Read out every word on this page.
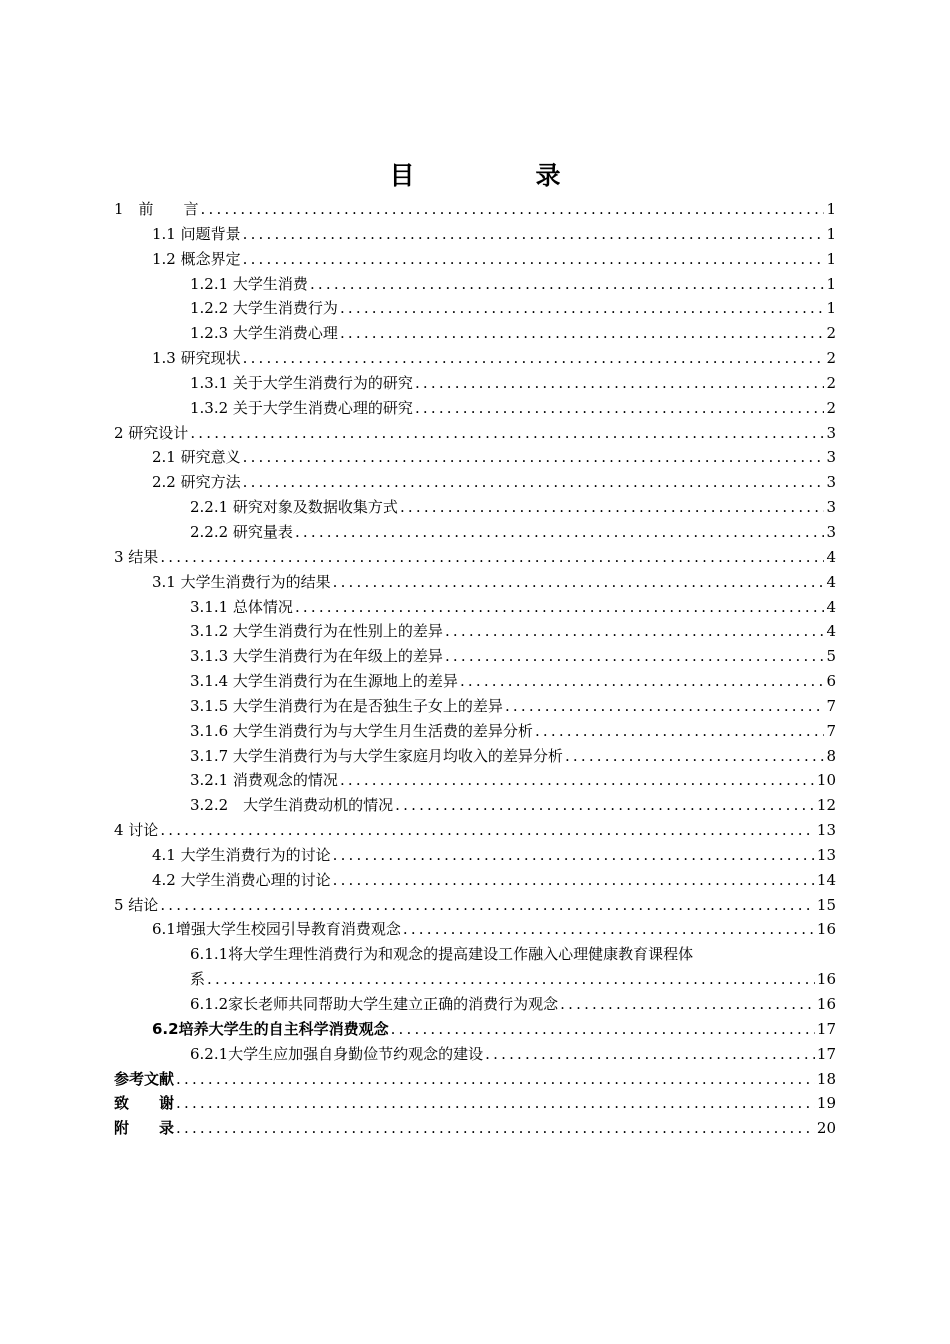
目　录
1　前　　言 .....	1
1.1 问题背景 .....	1
1.2 概念界定 .....	1
1.2.1 大学生消费 .....	1
1.2.2 大学生消费行为 .....	1
1.2.3 大学生消费心理 .....	2
1.3 研究现状 .....	2
1.3.1 关于大学生消费行为的研究 .....	2
1.3.2 关于大学生消费心理的研究 .....	2
2 研究设计 .....	3
2.1 研究意义 .....	3
2.2 研究方法 .....	3
2.2.1 研究对象及数据收集方式 .....	3
2.2.2 研究量表 .....	3
3 结果 .....	4
3.1 大学生消费行为的结果 .....	4
3.1.1 总体情况 .....	4
3.1.2 大学生消费行为在性别上的差异 .....	4
3.1.3 大学生消费行为在年级上的差异 .....	5
3.1.4 大学生消费行为在生源地上的差异 .....	6
3.1.5 大学生消费行为在是否独生子女上的差异 .....	7
3.1.6 大学生消费行为与大学生月生活费的差异分析 .....	7
3.1.7 大学生消费行为与大学生家庭月均收入的差异分析 .....	8
3.2.1 消费观念的情况 .....	10
3.2.2　大学生消费动机的情况 .....	12
4 讨论 .....	13
4.1 大学生消费行为的讨论 .....	13
4.2 大学生消费心理的讨论 .....	14
5 结论 .....	15
6.1增强大学生校园引导教育消费观念 .....	16
6.1.1将大学生理性消费行为和观念的提高建设工作融入心理健康教育课程体
系 .....	16
6.1.2家长老师共同帮助大学生建立正确的消费行为观念 .....	16
6.2培养大学生的自主科学消费观念 .....	17
6.2.1大学生应加强自身勤俭节约观念的建设 .....	17
参考文献 .....	18
致　　谢 .....	19
附　　录 .....	20
